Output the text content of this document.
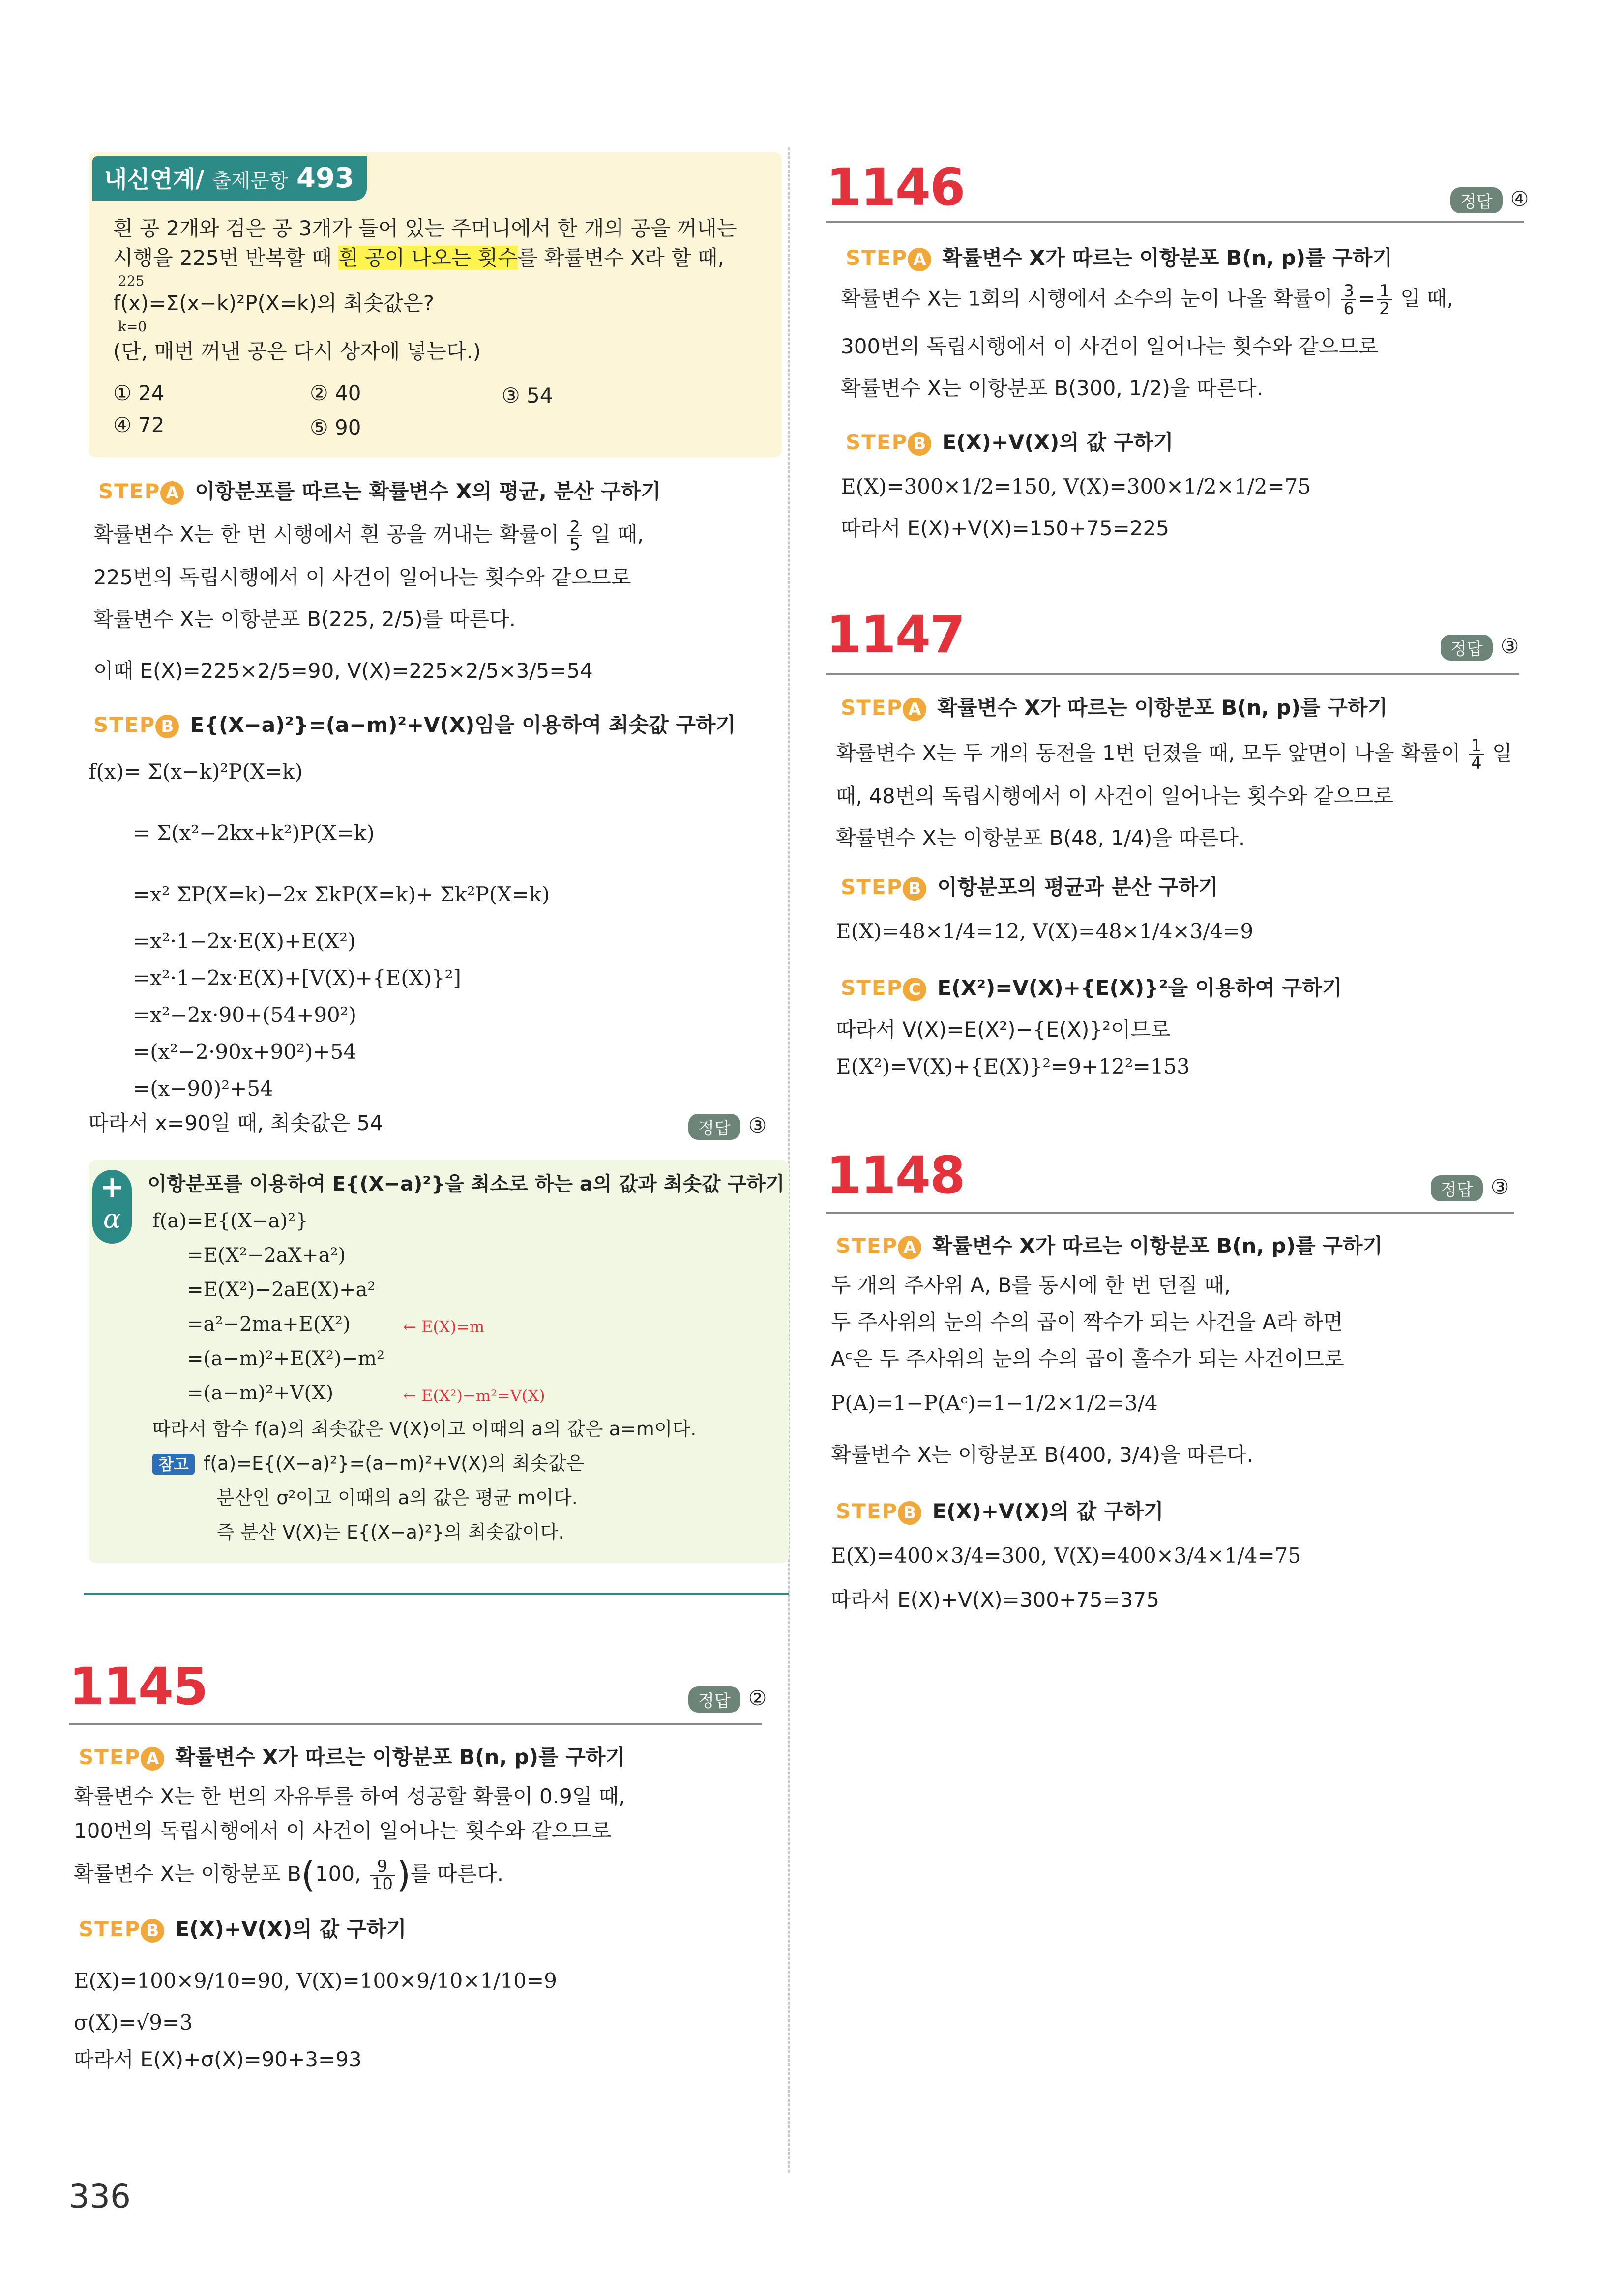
내신연계/ 출제문항 493
흰 공 2개와 검은 공 3개가 들어 있는 주머니에서 한 개의 공을 꺼내는
시행을 225번 반복할 때 흰 공이 나오는 횟수를 확률변수 X라 할 때,
225
k=0
f(x)=Σ(x−k)²P(X=k)의 최솟값은?
(단, 매번 꺼낸 공은 다시 상자에 넣는다.)
① 24	② 40	③ 54
④ 72	⑤ 90
STEP A 이항분포를 따르는 확률변수 X의 평균, 분산 구하기
확률변수 X는 한 번 시행에서 흰 공을 꺼내는 확률이 $\frac{2}{5}$ 일 때,
225번의 독립시행에서 이 사건이 일어나는 횟수와 같으므로
확률변수 X는 이항분포 B(225, 2/5)를 따른다.
이때 E(X)=225×2/5=90, V(X)=225×2/5×3/5=54
STEP B E{(X−a)²}=(a−m)²+V(X)임을 이용하여 최솟값 구하기
f(x)= Σ(x−k)²P(X=k)
= Σ(x²−2kx+k²)P(X=k)
=x² ΣP(X=k)−2x ΣkP(X=k)+ Σk²P(X=k)
=x²·1−2x·E(X)+E(X²)
=x²·1−2x·E(X)+[V(X)+{E(X)}²]
=x²−2x·90+(54+90²)
=(x²−2·90x+90²)+54
=(x−90)²+54
따라서 x=90일 때, 최솟값은 54	정답 ③
+
α
이항분포를 이용하여 E{(X−a)²}을 최소로 하는 a의 값과 최솟값 구하기
f(a)=E{(X−a)²}
=E(X²−2aX+a²)
=E(X²)−2aE(X)+a²
=a²−2ma+E(X²)	← E(X)=m
=(a−m)²+E(X²)−m²
=(a−m)²+V(X)	← E(X²)−m²=V(X)
따라서 함수 f(a)의 최솟값은 V(X)이고 이때의 a의 값은 a=m이다.
참고 f(a)=E{(X−a)²}=(a−m)²+V(X)의 최솟값은
분산인 σ²이고 이때의 a의 값은 평균 m이다.
즉 분산 V(X)는 E{(X−a)²}의 최솟값이다.
1145	정답 ②
STEP A 확률변수 X가 따르는 이항분포 B(n, p)를 구하기
확률변수 X는 한 번의 자유투를 하여 성공할 확률이 0.9일 때,
100번의 독립시행에서 이 사건이 일어나는 횟수와 같으므로
확률변수 X는 이항분포 B(100, $\frac{9}{10}$ )를 따른다.
STEP B E(X)+V(X)의 값 구하기
E(X)=100×9/10=90, V(X)=100×9/10×1/10=9
σ(X)=√9=3
따라서 E(X)+σ(X)=90+3=93
336
1146	정답 ④
STEP A 확률변수 X가 따르는 이항분포 B(n, p)를 구하기
확률변수 X는 1회의 시행에서 소수의 눈이 나올 확률이 $\frac{3}{6} = \frac{1}{2}$ 일 때,
300번의 독립시행에서 이 사건이 일어나는 횟수와 같으므로
확률변수 X는 이항분포 B(300, 1/2)을 따른다.
STEP B E(X)+V(X)의 값 구하기
E(X)=300×1/2=150, V(X)=300×1/2×1/2=75
따라서 E(X)+V(X)=150+75=225
1147	정답 ③
STEP A 확률변수 X가 따르는 이항분포 B(n, p)를 구하기
확률변수 X는 두 개의 동전을 1번 던졌을 때, 모두 앞면이 나올 확률이 $\frac{1}{4}$ 일
때, 48번의 독립시행에서 이 사건이 일어나는 횟수와 같으므로
확률변수 X는 이항분포 B(48, 1/4)을 따른다.
STEP B 이항분포의 평균과 분산 구하기
E(X)=48×1/4=12, V(X)=48×1/4×3/4=9
STEP C E(X²)=V(X)+{E(X)}²을 이용하여 구하기
따라서 V(X)=E(X²)−{E(X)}²이므로
E(X²)=V(X)+{E(X)}²=9+12²=153
1148	정답 ③
STEP A 확률변수 X가 따르는 이항분포 B(n, p)를 구하기
두 개의 주사위 A, B를 동시에 한 번 던질 때,
두 주사위의 눈의 수의 곱이 짝수가 되는 사건을 A라 하면
Aᶜ은 두 주사위의 눈의 수의 곱이 홀수가 되는 사건이므로
P(A)=1−P(Aᶜ)=1−1/2×1/2=3/4
확률변수 X는 이항분포 B(400, 3/4)을 따른다.
STEP B E(X)+V(X)의 값 구하기
E(X)=400×3/4=300, V(X)=400×3/4×1/4=75
따라서 E(X)+V(X)=300+75=375
